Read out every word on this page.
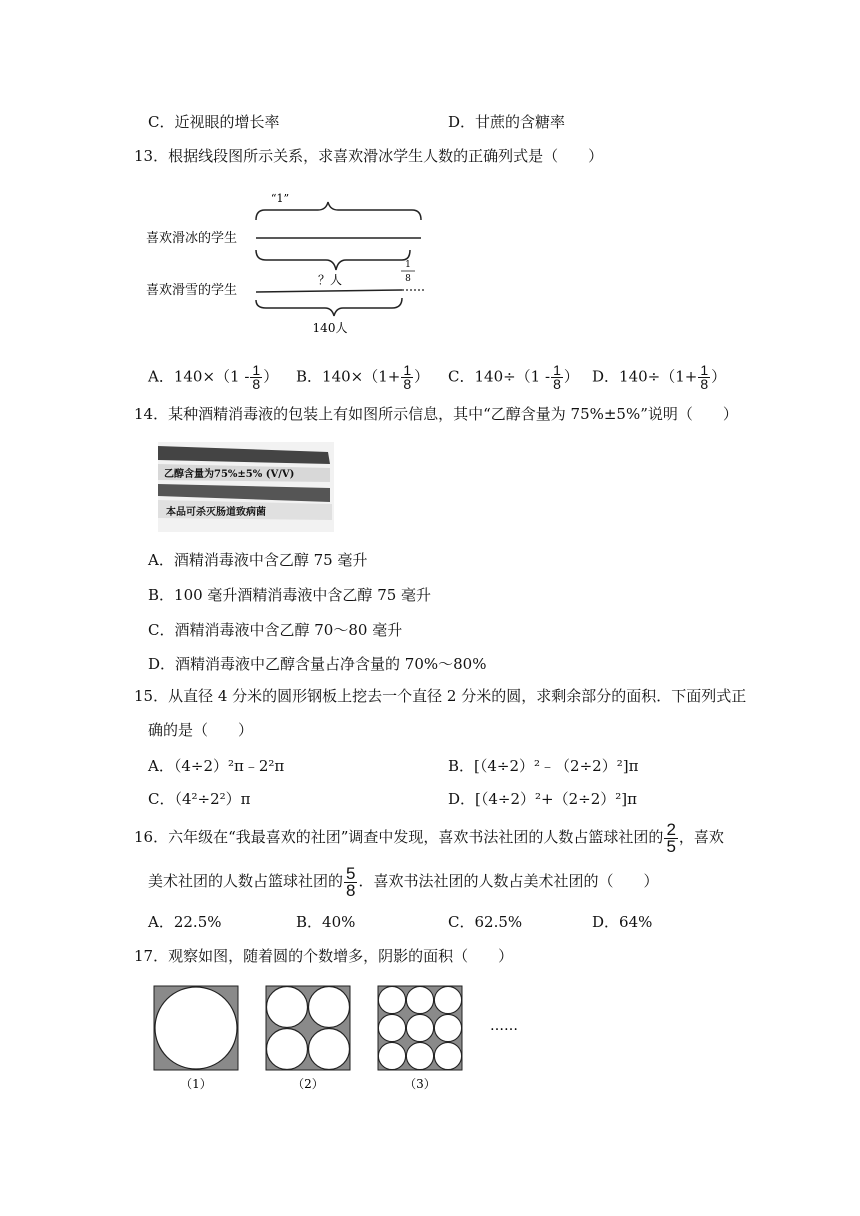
C．近视眼的增长率	D．甘蔗的含糖率
13．根据线段图所示关系，求喜欢滑冰学生人数的正确列式是（　　）
“1”
喜欢滑冰的学生
？人
1
8
喜欢滑雪的学生
140人
A．$140\times(1 - \frac{1}{8}$ ） B．$140\times(1+ \frac{1}{8}$ ） C．$140\div(1 - \frac{1}{8}$ ） D．$140\div(1+ \frac{1}{8}$ ）
14．某种酒精消毒液的包装上有如图所示信息，其中“乙醇含量为 75%±5%”说明（　　）
乙醇含量为75%±5% (V/V)
本品可杀灭肠道致病菌
A．酒精消毒液中含乙醇 75 毫升
B．100 毫升酒精消毒液中含乙醇 75 毫升
C．酒精消毒液中含乙醇 70～80 毫升
D．酒精消毒液中乙醇含量占净含量的 70%～80%
15．从直径 4 分米的圆形钢板上挖去一个直径 2 分米的圆，求剩余部分的面积．下面列式正
确的是（　　）
A．（4÷2）²π﹣2²π	B．[（4÷2）²﹣（2÷2）²]π
C．（4²÷2²）π	D．[（4÷2）²+（2÷2）²]π
16．六年级在“我最喜欢的社团”调查中发现，喜欢书法社团的人数占篮球社团的 $\frac{2}{5}$ ，喜欢
美术社团的人数占篮球社团的 $\frac{5}{8}$ ．喜欢书法社团的人数占美术社团的（　　）
A．22.5%	B．40%	C．62.5%	D．64%
17．观察如图，随着圆的个数增多，阴影的面积（　　）
……
（1）	（2）	（3）
